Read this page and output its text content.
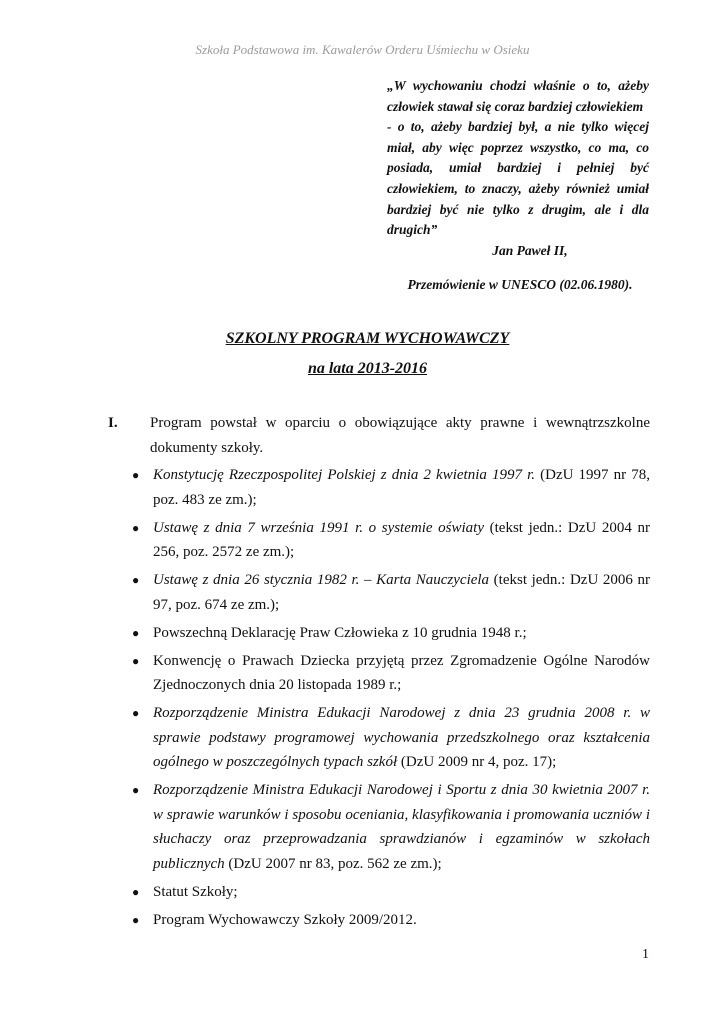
Szkoła Podstawowa im. Kawalerów Orderu Uśmiechu w Osieku

„W wychowaniu chodzi właśnie o to, ażeby człowiek stawał się coraz bardziej człowiekiem

- o to, ażeby bardziej był, a nie tylko więcej miał, aby więc poprzez wszystko, co ma, co posiada, umiał bardziej i pełniej być człowiekiem, to znaczy, ażeby również umiał bardziej być nie tylko z drugim, ale i dla drugich”

Jan Paweł II,

Przemówienie w UNESCO (02.06.1980).
SZKOLNY PROGRAM WYCHOWAWCZY
na lata 2013-2016
I. Program powstał w oparciu o obowiązujące akty prawne i wewnątrzszkolne dokumenty szkoły.
● Konstytucję Rzeczpospolitej Polskiej z dnia 2 kwietnia 1997 r. (DzU 1997 nr 78, poz. 483 ze zm.);
● Ustawę z dnia 7 września 1991 r. o systemie oświaty (tekst jedn.: DzU 2004 nr 256, poz. 2572 ze zm.);
● Ustawę z dnia 26 stycznia 1982 r. – Karta Nauczyciela (tekst jedn.: DzU 2006 nr 97, poz. 674 ze zm.);
● Powszechną Deklarację Praw Człowieka z 10 grudnia 1948 r.;
● Konwencję o Prawach Dziecka przyjętą przez Zgromadzenie Ogólne Narodów Zjednoczonych dnia 20 listopada 1989 r.;
● Rozporządzenie Ministra Edukacji Narodowej z dnia 23 grudnia 2008 r. w sprawie podstawy programowej wychowania przedszkolnego oraz kształcenia ogólnego w poszczególnych typach szkół (DzU 2009 nr 4, poz. 17);
● Rozporządzenie Ministra Edukacji Narodowej i Sportu z dnia 30 kwietnia 2007 r. w sprawie warunków i sposobu oceniania, klasyfikowania i promowania uczniów i słuchaczy oraz przeprowadzania sprawdzianów i egzaminów w szkołach publicznych (DzU 2007 nr 83, poz. 562 ze zm.);
● Statut Szkoły;
● Program Wychowawczy Szkoły 2009/2012.
1
